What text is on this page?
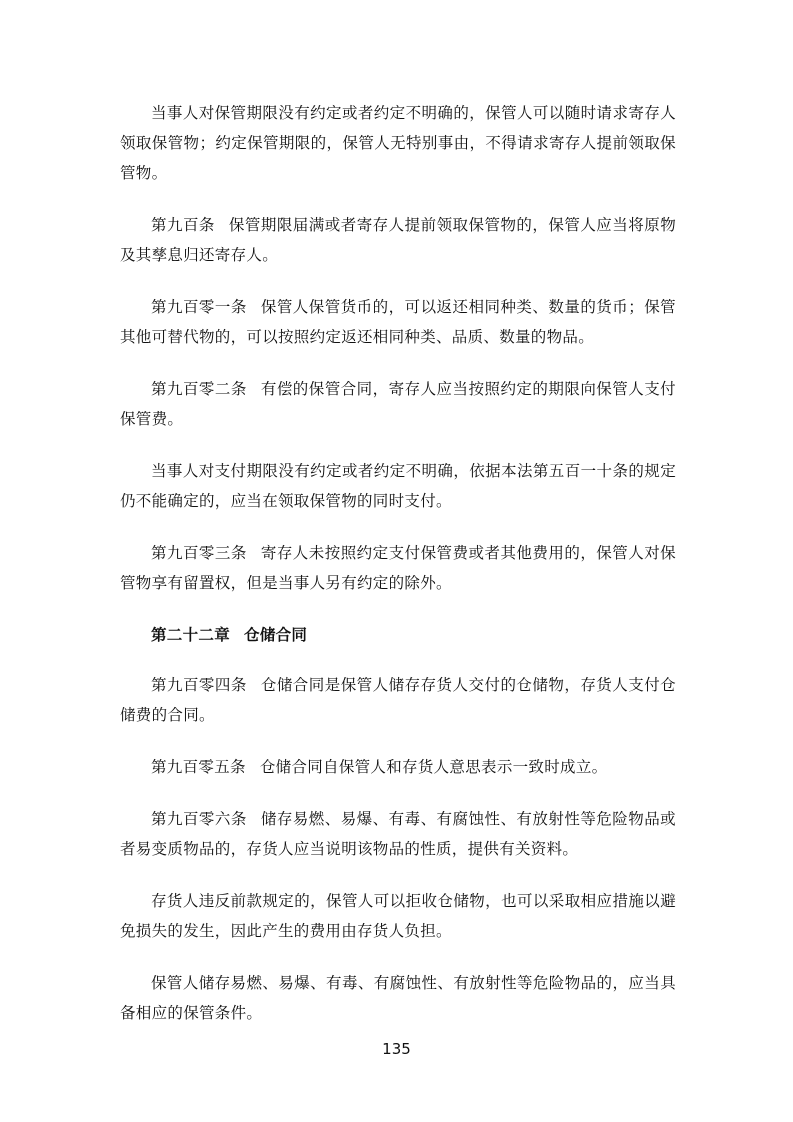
当事人对保管期限没有约定或者约定不明确的，保管人可以随时请求寄存人领取保管物；约定保管期限的，保管人无特别事由，不得请求寄存人提前领取保管物。

第九百条 保管期限届满或者寄存人提前领取保管物的，保管人应当将原物及其孳息归还寄存人。

第九百零一条 保管人保管货币的，可以返还相同种类、数量的货币；保管其他可替代物的，可以按照约定返还相同种类、品质、数量的物品。

第九百零二条 有偿的保管合同，寄存人应当按照约定的期限向保管人支付保管费。

当事人对支付期限没有约定或者约定不明确，依据本法第五百一十条的规定仍不能确定的，应当在领取保管物的同时支付。

第九百零三条 寄存人未按照约定支付保管费或者其他费用的，保管人对保管物享有留置权，但是当事人另有约定的除外。

第二十二章 仓储合同

第九百零四条 仓储合同是保管人储存存货人交付的仓储物，存货人支付仓储费的合同。

第九百零五条 仓储合同自保管人和存货人意思表示一致时成立。

第九百零六条 储存易燃、易爆、有毒、有腐蚀性、有放射性等危险物品或者易变质物品的，存货人应当说明该物品的性质，提供有关资料。

存货人违反前款规定的，保管人可以拒收仓储物，也可以采取相应措施以避免损失的发生，因此产生的费用由存货人负担。

保管人储存易燃、易爆、有毒、有腐蚀性、有放射性等危险物品的，应当具备相应的保管条件。

135
